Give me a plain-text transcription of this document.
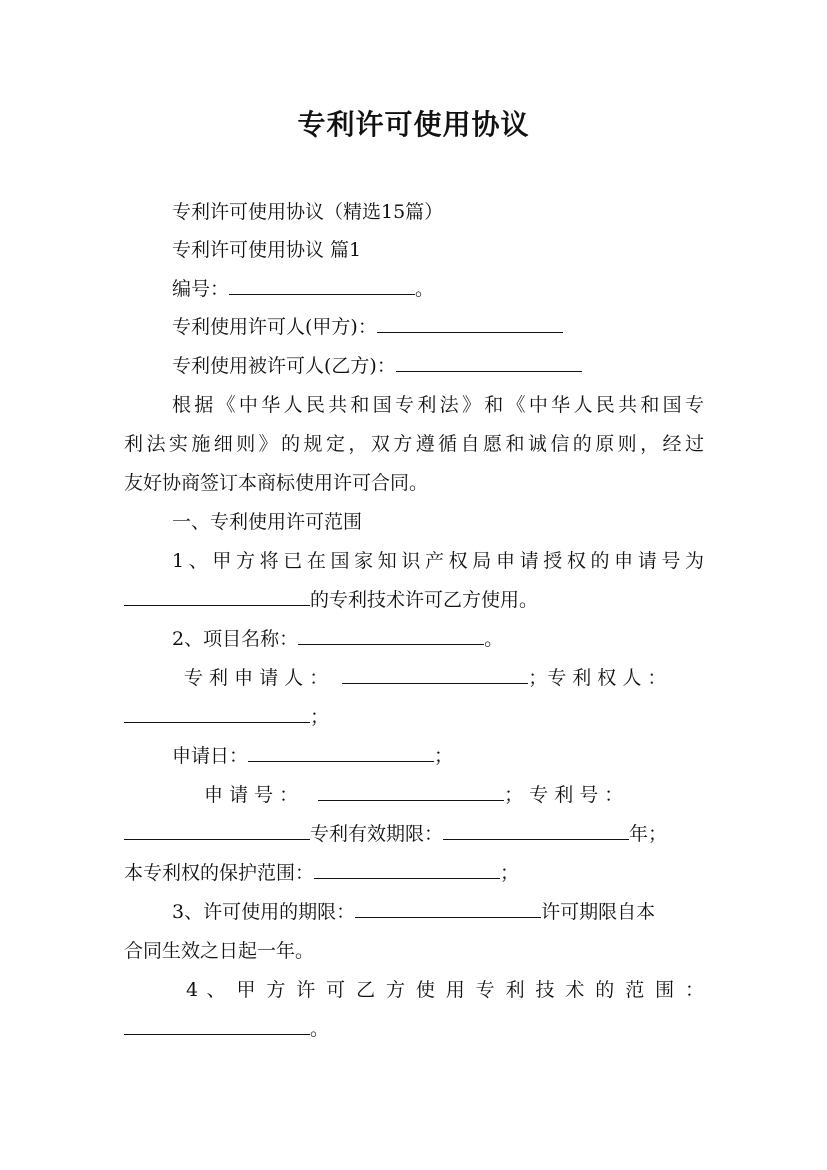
专利许可使用协议
专利许可使用协议（精选15篇）
专利许可使用协议 篇1
编号：	。
专利使用许可人(甲方)：
专利使用被许可人(乙方)：
根据《中华人民共和国专利法》和《中华人民共和国专
利法实施细则》的规定，双方遵循自愿和诚信的原则，经过
友好协商签订本商标使用许可合同。
一、专利使用许可范围
1、甲方将已在国家知识产权局申请授权的申请号为
的专利技术许可乙方使用。
2、项目名称：	。
专 利 申 请 人 ：	；专 利 权 人 ：
；
申请日：	；
申 请 号 ：	； 专 利 号 ：
专利有效期限：	年；
本专利权的保护范围：	；
3、许可使用的期限：	许可期限自本
合同生效之日起一年。
4 、 甲 方 许 可 乙 方 使 用 专 利 技 术 的 范 围 ：
。
